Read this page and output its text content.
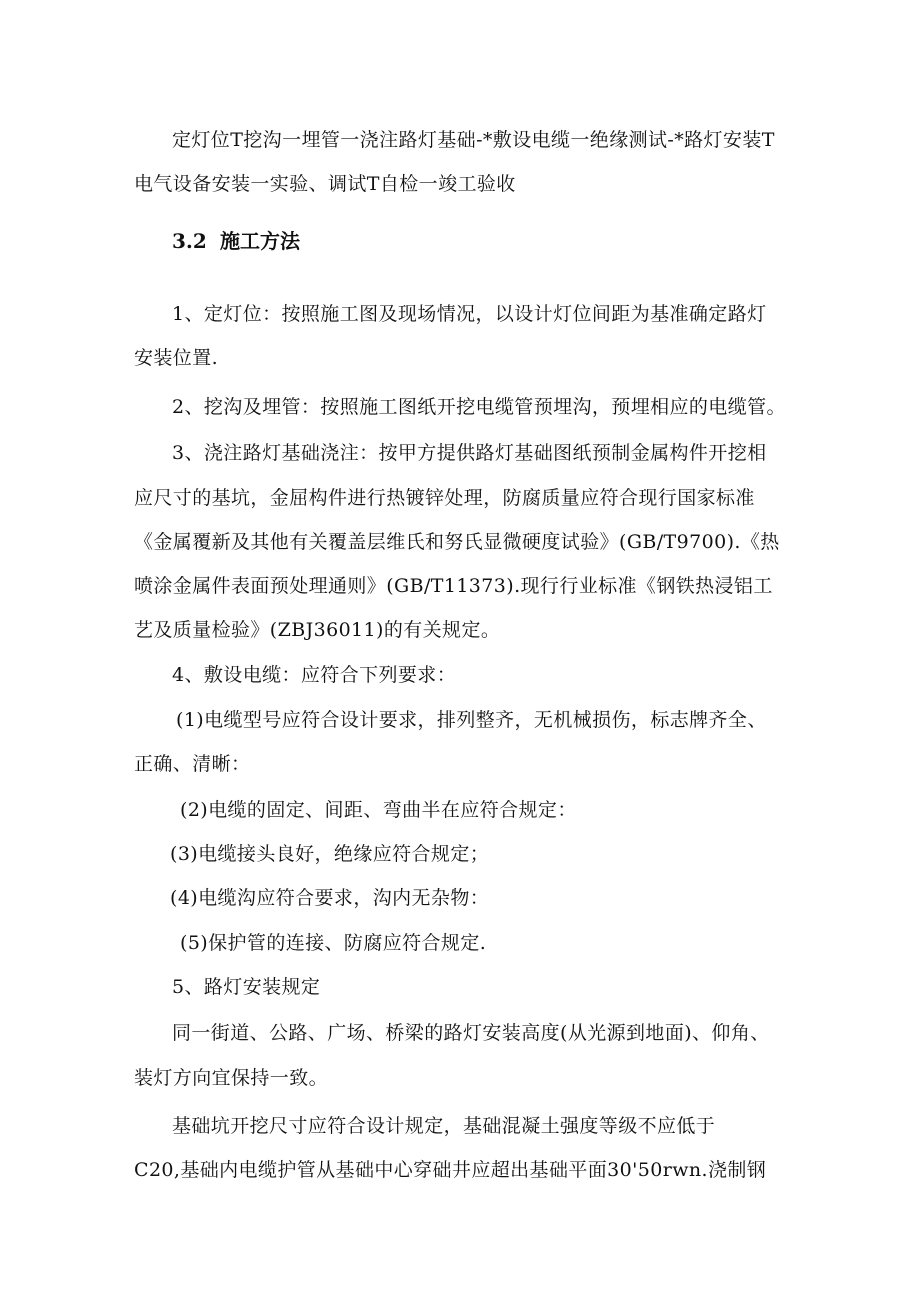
定灯位T挖沟一埋管一浇注路灯基础-*敷设电缆一绝缘测试-*路灯安装T
电气设备安装一实验、调试T自检一竣工验收
3.2 施工方法
1、定灯位：按照施工图及现场情况，以设计灯位间距为基准确定路灯
安装位置.
2、挖沟及埋管：按照施工图纸开挖电缆管预埋沟，预埋相应的电缆管。
3、浇注路灯基础浇注：按甲方提供路灯基础图纸预制金属构件开挖相
应尺寸的基坑，金屈构件进行热镀锌处理，防腐质量应符合现行国家标准
《金属覆新及其他有关覆盖层维氏和努氏显微硬度试验》(GB/T9700).《热
喷涂金属件表面预处理通则》(GB/T11373).现行行业标准《钢铁热浸铝工
艺及质量检验》(ZBJ36011)的有关规定。
4、敷设电缆：应符合下列要求：
(1)电缆型号应符合设计要求，排列整齐，无机械损伤，标志牌齐全、
正确、清晰：
(2)电缆的固定、间距、弯曲半在应符合规定：
(3)电缆接头良好，绝缘应符合规定；
(4)电缆沟应符合要求，沟内无杂物：
(5)保护管的连接、防腐应符合规定.
5、路灯安装规定
同一街道、公路、广场、桥梁的路灯安装高度(从光源到地面)、仰角、
装灯方向宜保持一致。
基础坑开挖尺寸应符合设计规定，基础混凝土强度等级不应低于
C20,基础内电缆护管从基础中心穿础井应超出基础平面30'50rwn.浇制钢
